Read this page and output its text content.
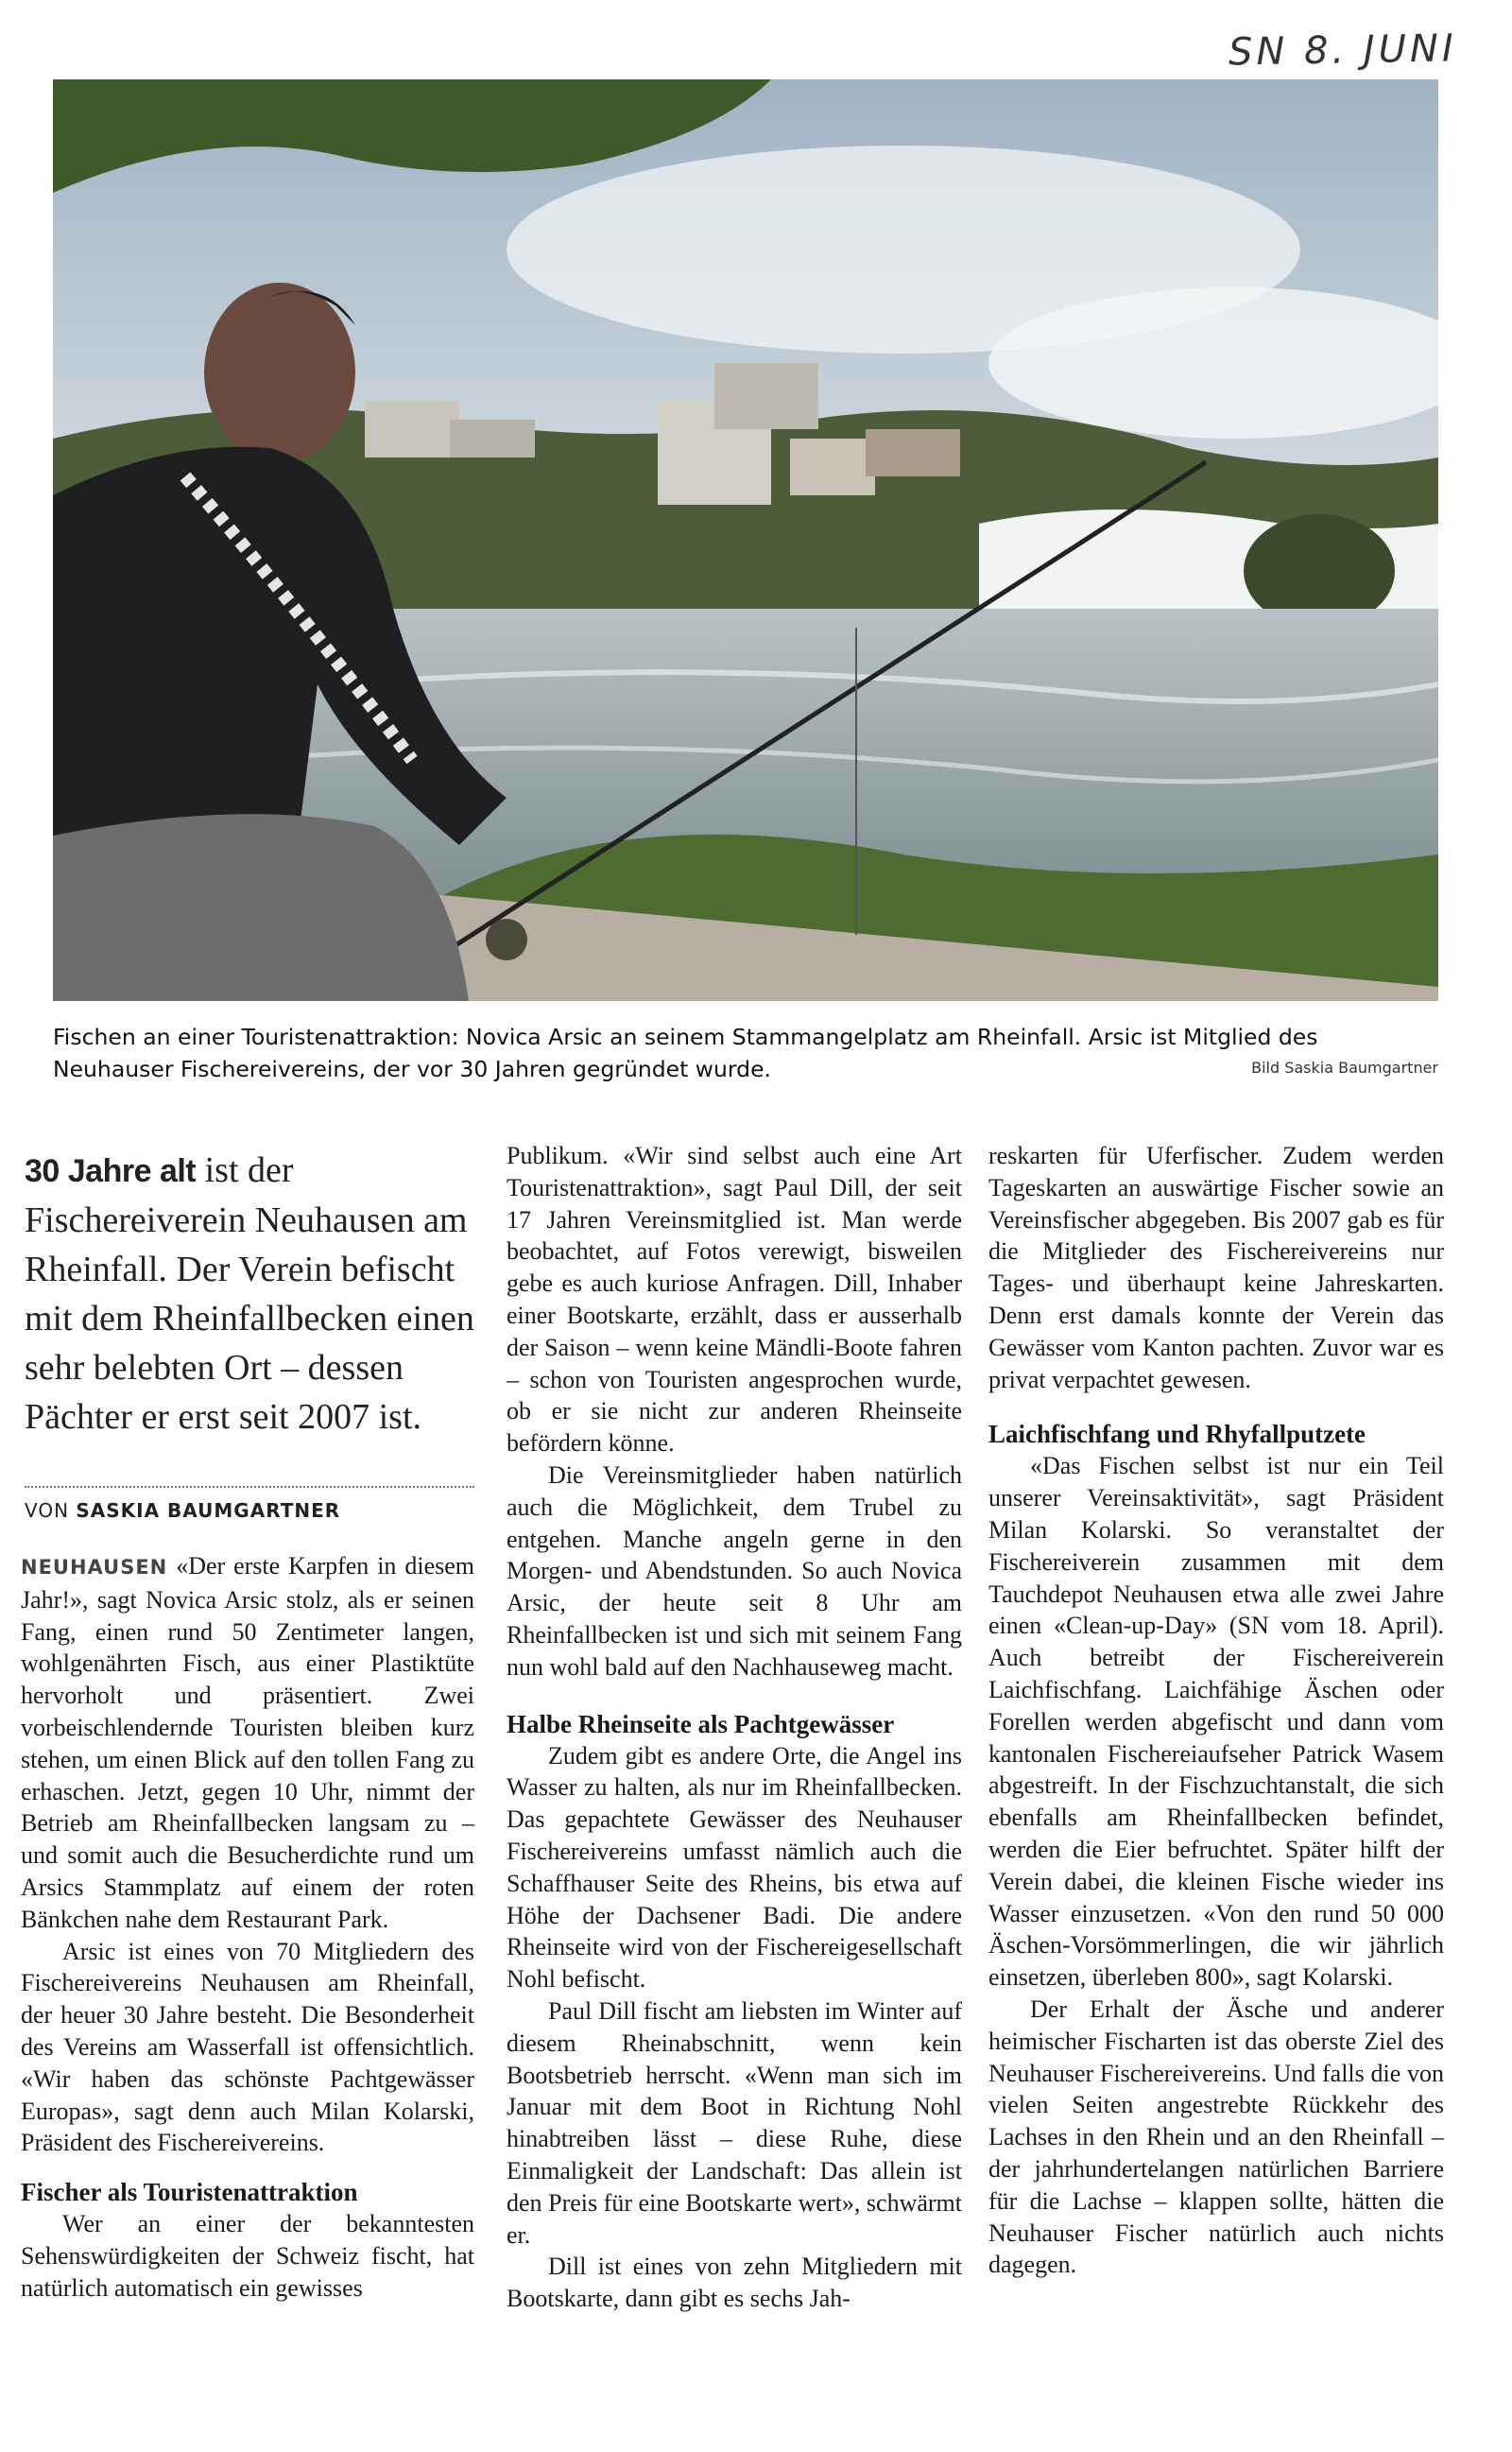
SN 8. JUNI
Fischen an einer Touristenattraktion: Novica Arsic an seinem Stammangelplatz am Rheinfall. Arsic ist Mitglied des Neuhauser Fischereivereins, der vor 30 Jahren gegründet wurde.	Bild Saskia Baumgartner
30 Jahre alt ist der Fischereiverein Neuhausen am Rheinfall. Der Verein befischt mit dem Rheinfallbecken einen sehr belebten Ort – dessen Pächter er erst seit 2007 ist.
VON SASKIA BAUMGARTNER

NEUHAUSEN «Der erste Karpfen in diesem Jahr!», sagt Novica Arsic stolz, als er seinen Fang, einen rund 50 Zentimeter langen, wohlgenährten Fisch, aus einer Plastiktüte hervorholt und präsentiert. Zwei vorbeischlendernde Touristen bleiben kurz stehen, um einen Blick auf den tollen Fang zu erhaschen. Jetzt, gegen 10 Uhr, nimmt der Betrieb am Rheinfallbecken langsam zu – und somit auch die Besucherdichte rund um Arsics Stammplatz auf einem der roten Bänkchen nahe dem Restaurant Park.

Arsic ist eines von 70 Mitgliedern des Fischereivereins Neuhausen am Rheinfall, der heuer 30 Jahre besteht. Die Besonderheit des Vereins am Wasserfall ist offensichtlich. «Wir haben das schönste Pachtgewässer Europas», sagt denn auch Milan Kolarski, Präsident des Fischereivereins.

Fischer als Touristenattraktion

Wer an einer der bekanntesten Sehenswürdigkeiten der Schweiz fischt, hat natürlich automatisch ein gewisses

Publikum. «Wir sind selbst auch eine Art Touristenattraktion», sagt Paul Dill, der seit 17 Jahren Vereinsmitglied ist. Man werde beobachtet, auf Fotos verewigt, bisweilen gebe es auch kuriose Anfragen. Dill, Inhaber einer Bootskarte, erzählt, dass er ausserhalb der Saison – wenn keine Mändli-Boote fahren – schon von Touristen angesprochen wurde, ob er sie nicht zur anderen Rheinseite befördern könne.

Die Vereinsmitglieder haben natürlich auch die Möglichkeit, dem Trubel zu entgehen. Manche angeln gerne in den Morgen- und Abendstunden. So auch Novica Arsic, der heute seit 8 Uhr am Rheinfallbecken ist und sich mit seinem Fang nun wohl bald auf den Nachhauseweg macht.

Halbe Rheinseite als Pachtgewässer

Zudem gibt es andere Orte, die Angel ins Wasser zu halten, als nur im Rheinfallbecken. Das gepachtete Gewässer des Neuhauser Fischereivereins umfasst nämlich auch die Schaffhauser Seite des Rheins, bis etwa auf Höhe der Dachsener Badi. Die andere Rheinseite wird von der Fischereigesellschaft Nohl befischt.

Paul Dill fischt am liebsten im Winter auf diesem Rheinabschnitt, wenn kein Bootsbetrieb herrscht. «Wenn man sich im Januar mit dem Boot in Richtung Nohl hinabtreiben lässt – diese Ruhe, diese Einmaligkeit der Landschaft: Das allein ist den Preis für eine Bootskarte wert», schwärmt er.

Dill ist eines von zehn Mitgliedern mit Bootskarte, dann gibt es sechs Jah-

reskarten für Uferfischer. Zudem werden Tageskarten an auswärtige Fischer sowie an Vereinsfischer abgegeben. Bis 2007 gab es für die Mitglieder des Fischereivereins nur Tages- und überhaupt keine Jahreskarten. Denn erst damals konnte der Verein das Gewässer vom Kanton pachten. Zuvor war es privat verpachtet gewesen.

Laichfischfang und Rhyfallputzete

«Das Fischen selbst ist nur ein Teil unserer Vereinsaktivität», sagt Präsident Milan Kolarski. So veranstaltet der Fischereiverein zusammen mit dem Tauchdepot Neuhausen etwa alle zwei Jahre einen «Clean-up-Day» (SN vom 18. April). Auch betreibt der Fischereiverein Laichfischfang. Laichfähige Äschen oder Forellen werden abgefischt und dann vom kantonalen Fischereiaufseher Patrick Wasem abgestreift. In der Fischzuchtanstalt, die sich ebenfalls am Rheinfallbecken befindet, werden die Eier befruchtet. Später hilft der Verein dabei, die kleinen Fische wieder ins Wasser einzusetzen. «Von den rund 50 000 Äschen-Vorsömmerlingen, die wir jährlich einsetzen, überleben 800», sagt Kolarski.

Der Erhalt der Äsche und anderer heimischer Fischarten ist das oberste Ziel des Neuhauser Fischereivereins. Und falls die von vielen Seiten angestrebte Rückkehr des Lachses in den Rhein und an den Rheinfall – der jahrhundertelangen natürlichen Barriere für die Lachse – klappen sollte, hätten die Neuhauser Fischer natürlich auch nichts dagegen.
